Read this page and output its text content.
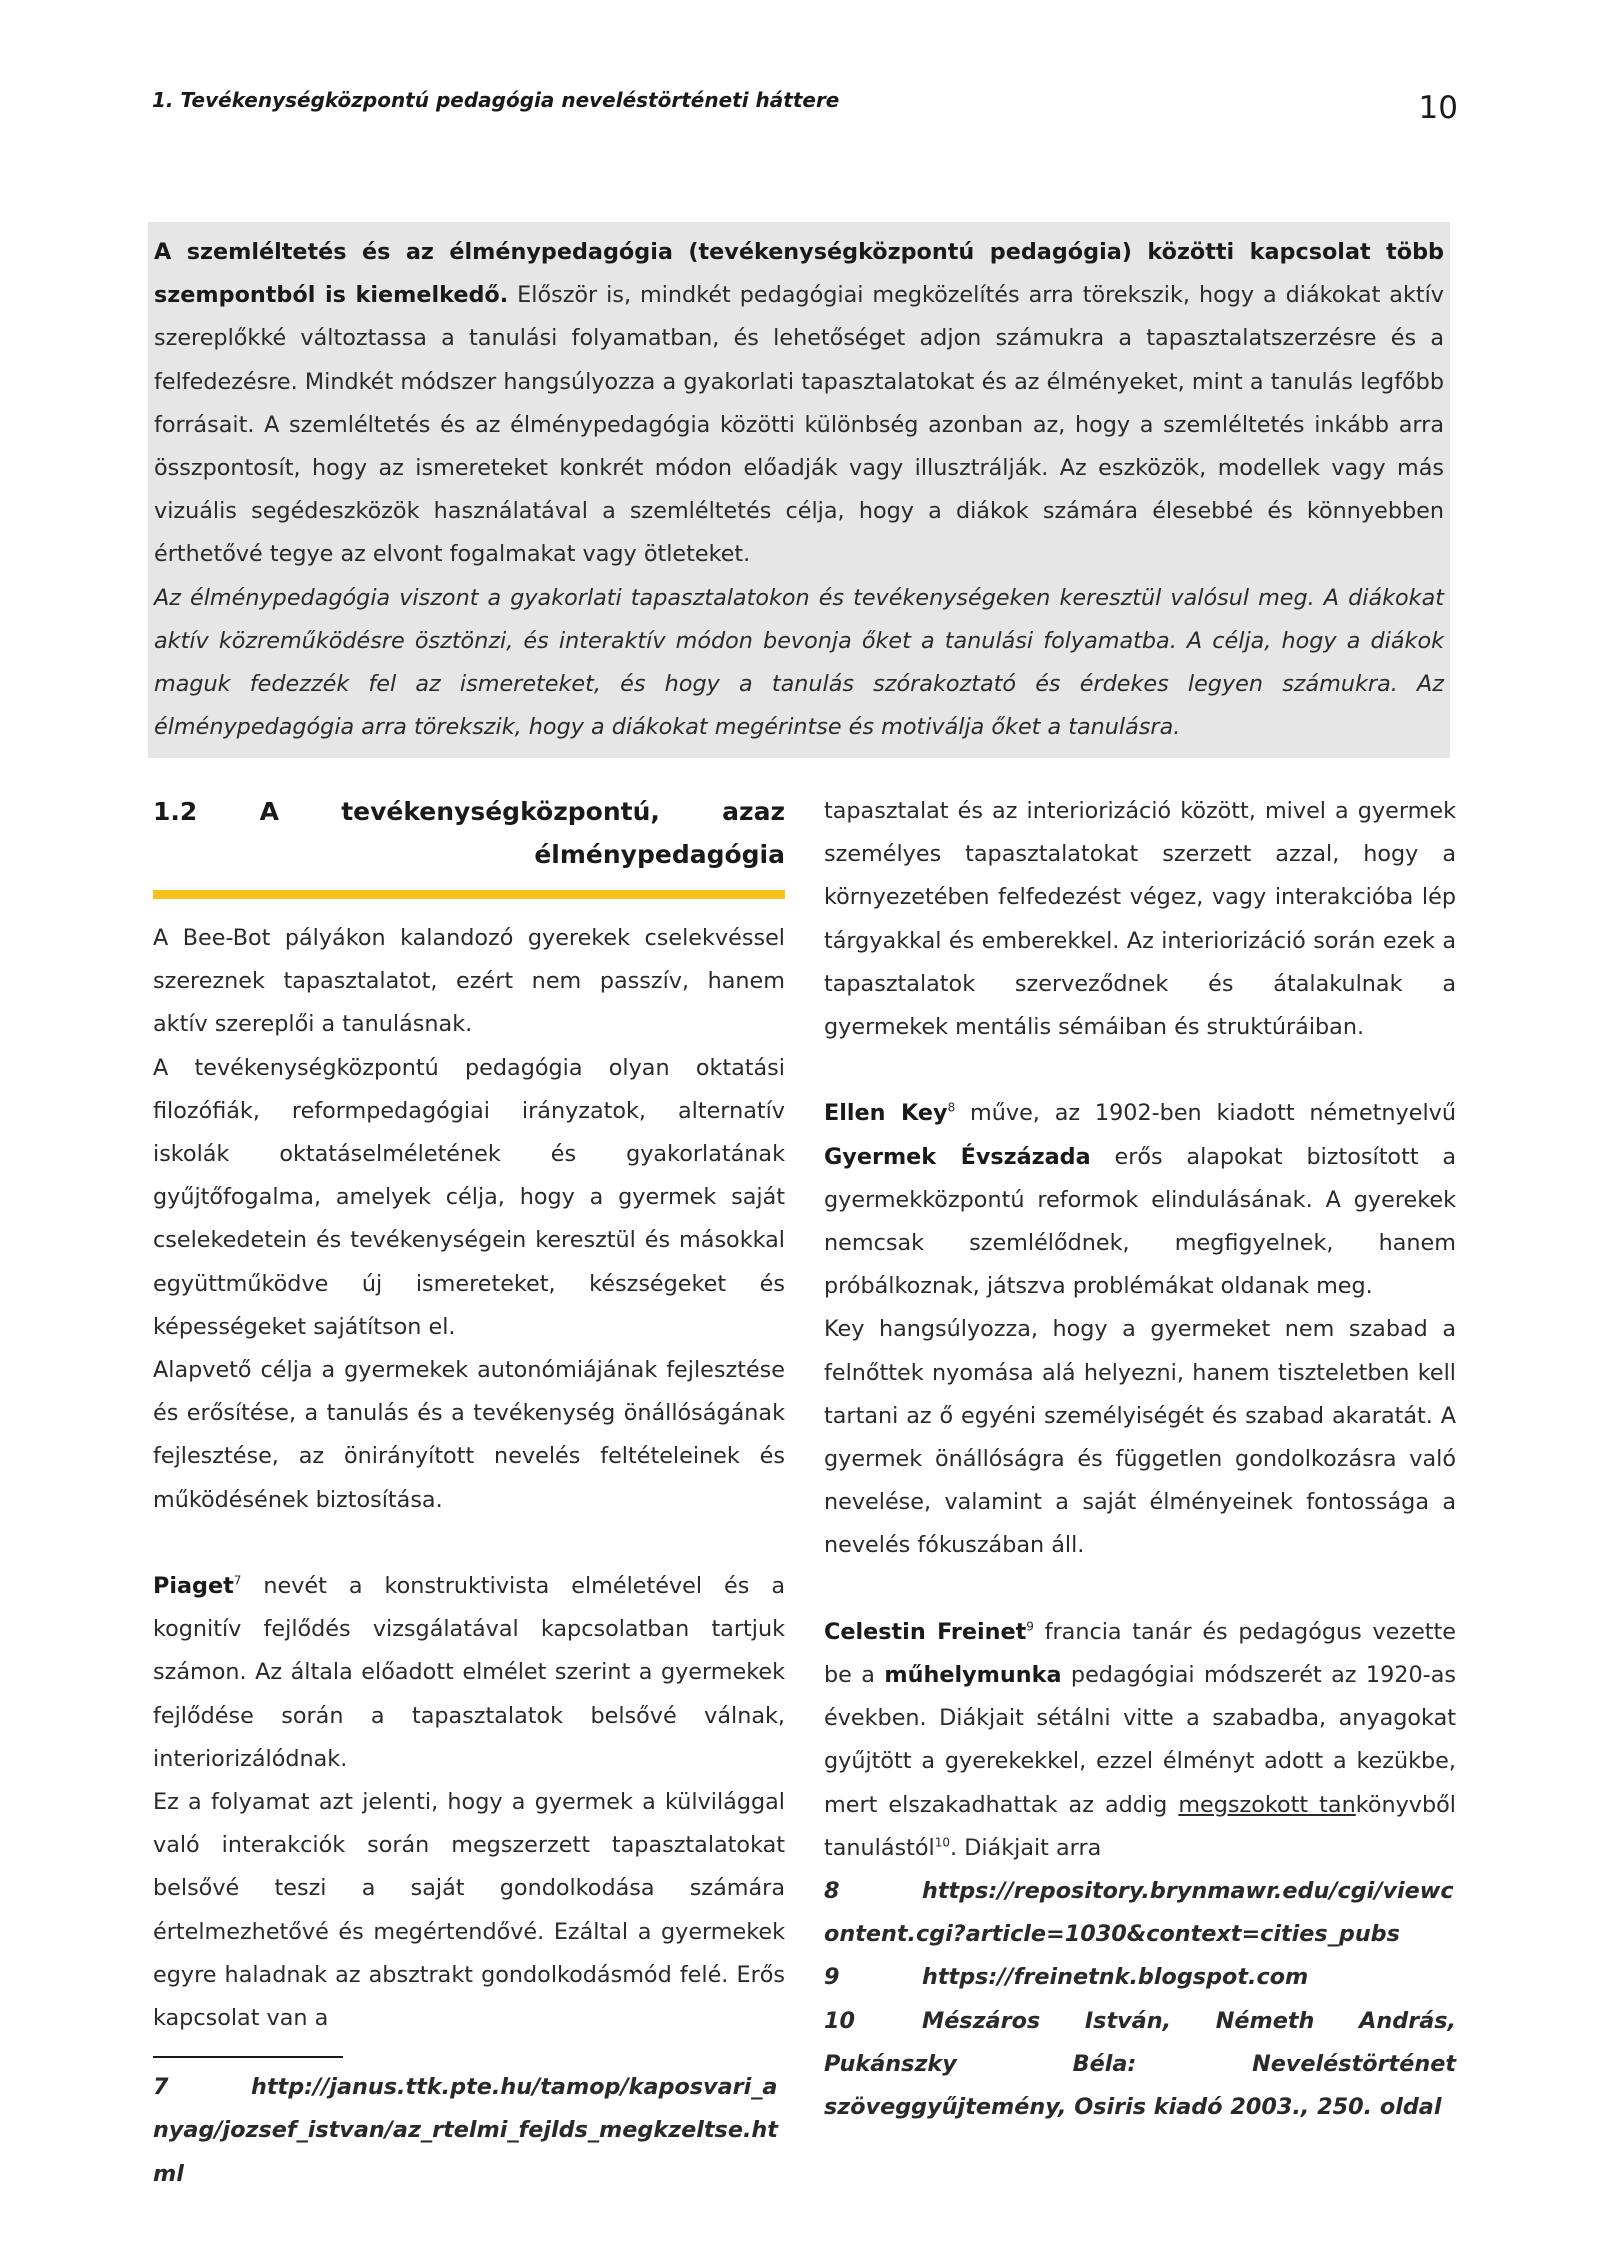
1. Tevékenységközpontú pedagógia neveléstörténeti háttere	10

A szemléltetés és az élménypedagógia (tevékenységközpontú pedagógia) közötti kapcsolat több szempontból is kiemelkedő. Először is, mindkét pedagógiai megközelítés arra törekszik, hogy a diákokat aktív szereplőkké változtassa a tanulási folyamatban, és lehetőséget adjon számukra a tapasztalatszerzésre és a felfedezésre. Mindkét módszer hangsúlyozza a gyakorlati tapasztalatokat és az élményeket, mint a tanulás legfőbb forrásait. A szemléltetés és az élménypedagógia közötti különbség azonban az, hogy a szemléltetés inkább arra összpontosít, hogy az ismereteket konkrét módon előadják vagy illusztrálják. Az eszközök, modellek vagy más vizuális segédeszközök használatával a szemléltetés célja, hogy a diákok számára élesebbé és könnyebben érthetővé tegye az elvont fogalmakat vagy ötleteket.

Az élménypedagógia viszont a gyakorlati tapasztalatokon és tevékenységeken keresztül valósul meg. A diákokat aktív közreműködésre ösztönzi, és interaktív módon bevonja őket a tanulási folyamatba. A célja, hogy a diákok maguk fedezzék fel az ismereteket, és hogy a tanulás szórakoztató és érdekes legyen számukra. Az élménypedagógia arra törekszik, hogy a diákokat megérintse és motiválja őket a tanulásra.

1.2 A tevékenységközpontú, azaz
élménypedagógia

A Bee-Bot pályákon kalandozó gyerekek cselekvéssel szereznek tapasztalatot, ezért nem passzív, hanem aktív szereplői a tanulásnak.

A tevékenységközpontú pedagógia olyan oktatási filozófiák, reformpedagógiai irányzatok, alternatív iskolák oktatáselméletének és gyakorlatának gyűjtőfogalma, amelyek célja, hogy a gyermek saját cselekedetein és tevékenységein keresztül és másokkal együttműködve új ismereteket, készségeket és képességeket sajátítson el.

Alapvető célja a gyermekek autonómiájának fejlesztése és erősítése, a tanulás és a tevékenység önállóságának fejlesztése, az önirányított nevelés feltételeinek és működésének biztosítása.

Piaget$^7$ nevét a konstruktivista elméletével és a kognitív fejlődés vizsgálatával kapcsolatban tartjuk számon. Az általa előadott elmélet szerint a gyermekek fejlődése során a tapasztalatok belsővé válnak, interiorizálódnak.

Ez a folyamat azt jelenti, hogy a gyermek a külvilággal való interakciók során megszerzett tapasztalatokat belsővé teszi a saját gondolkodása számára értelmezhetővé és megértendővé. Ezáltal a gyermekek egyre haladnak az absztrakt gondolkodásmód felé. Erős kapcsolat van a

7	http://janus.ttk.pte.hu/tamop/kaposvari_anyag/jozsef_istvan/az_rtelmi_fejlds_megkzeltse.html

tapasztalat és az interiorizáció között, mivel a gyermek személyes tapasztalatokat szerzett azzal, hogy a környezetében felfedezést végez, vagy interakcióba lép tárgyakkal és emberekkel. Az interiorizáció során ezek a tapasztalatok szerveződnek és átalakulnak a gyermekek mentális sémáiban és struktúráiban.

Ellen Key$^8$ műve, az 1902-ben kiadott németnyelvű Gyermek Évszázada erős alapokat biztosított a gyermekközpontú reformok elindulásának. A gyerekek nemcsak szemlélődnek, megfigyelnek, hanem próbálkoznak, játszva problémákat oldanak meg.

Key hangsúlyozza, hogy a gyermeket nem szabad a felnőttek nyomása alá helyezni, hanem tiszteletben kell tartani az ő egyéni személyiségét és szabad akaratát. A gyermek önállóságra és független gondolkozásra való nevelése, valamint a saját élményeinek fontossága a nevelés fókuszában áll.

Celestin Freinet$^9$ francia tanár és pedagógus vezette be a műhelymunka pedagógiai módszerét az 1920-as években. Diákjait sétálni vitte a szabadba, anyagokat gyűjtött a gyerekekkel, ezzel élményt adott a kezükbe, mert elszakadhattak az addig megszokott tankönyvből tanulástól$^{10}$. Diákjait arra

8	https://repository.brynmawr.edu/cgi/viewcontent.cgi?article=1030&context=cities_pubs

9	https://freinetnk.blogspot.com

10	Mészáros István, Németh András, Pukánszky Béla: Neveléstörténet szöveggyűjtemény, Osiris kiadó 2003., 250. oldal
